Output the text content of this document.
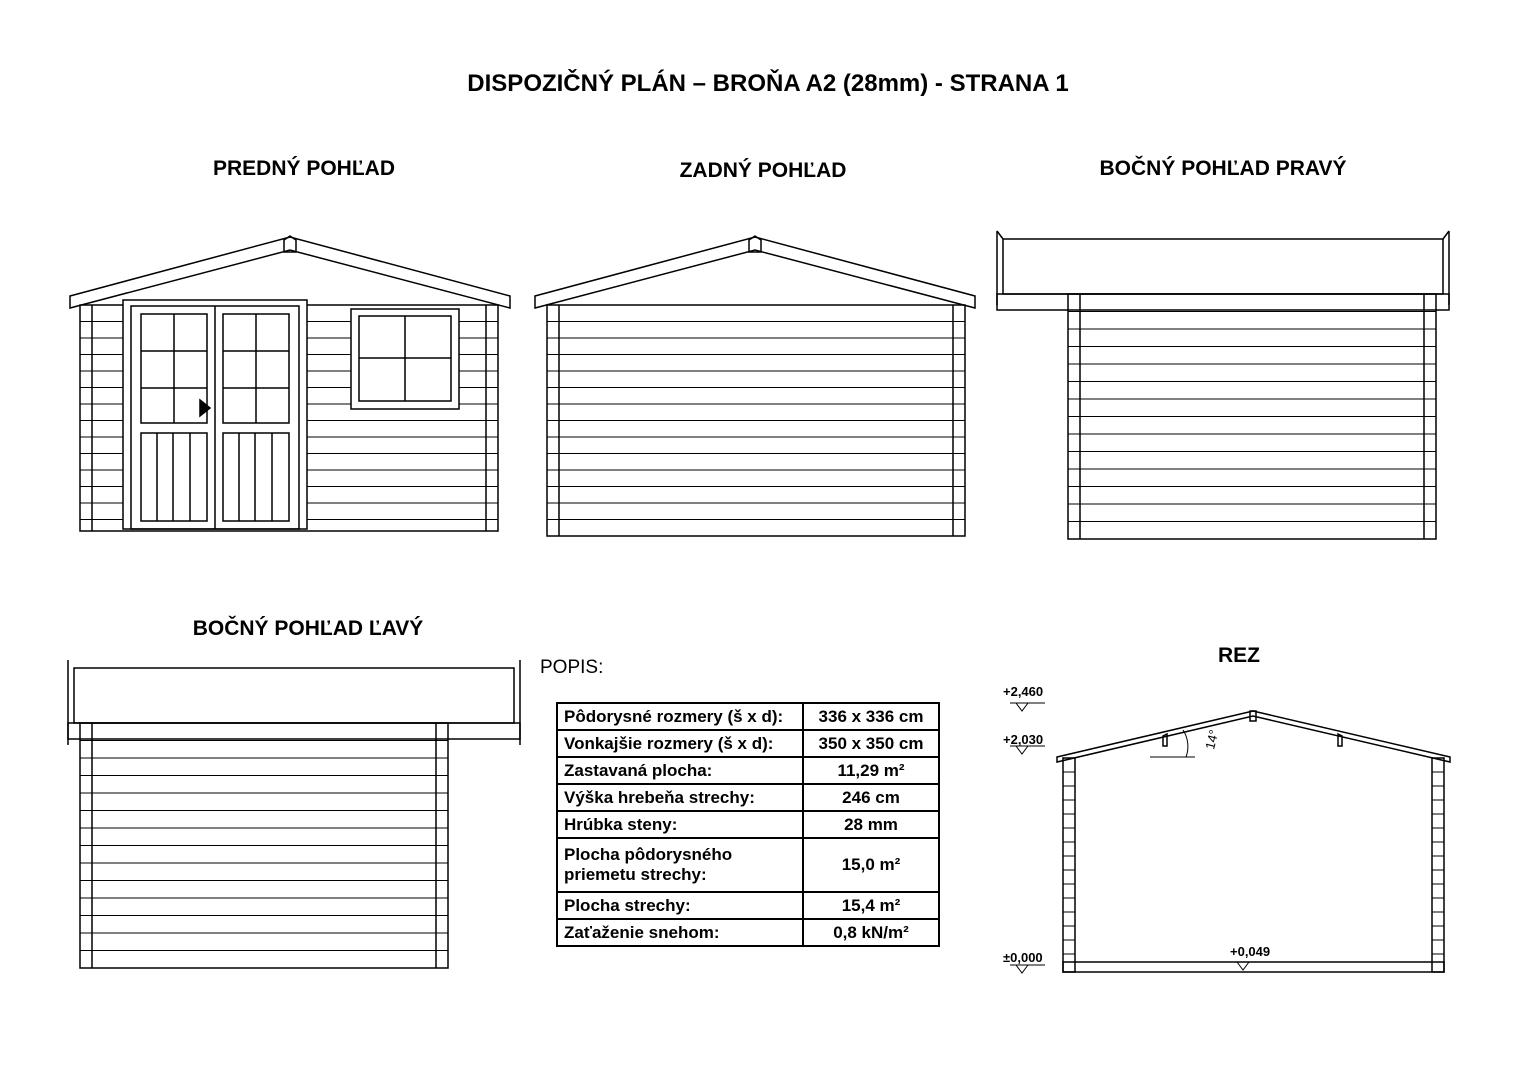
DISPOZIČNÝ PLÁN – BROŇA A2 (28mm) - STRANA 1
PREDNÝ POHĽAD	ZADNÝ POHĽAD	BOČNÝ POHĽAD PRAVÝ
BOČNÝ POHĽAD ĽAVÝ
REZ
+2,460
+2,030
±0,000	+0,049
14°
POPIS:
Pôdorysné rozmery (š x d):	336 x 336 cm
Vonkajšie rozmery (š x d):	350 x 350 cm
Zastavaná plocha:	11,29 m²
Výška hrebeňa strechy:	246 cm
Hrúbka steny:	28 mm
Plocha pôdorysného priemetu strechy:	15,0 m²
Plocha strechy:	15,4 m²
Zaťaženie snehom:	0,8 kN/m²
